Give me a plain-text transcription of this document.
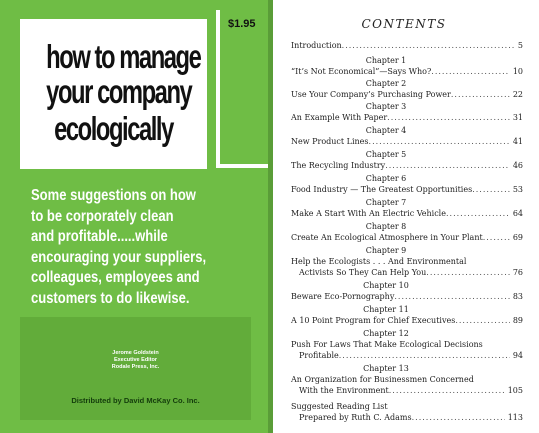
how to manage
your company
ecologically
$1.95
Some suggestions on how
to be corporately clean
and profitable.....while
encouraging your suppliers,
colleagues, employees and
customers to do likewise.
Jerome Goldstein
Executive Editor
Rodale Press, Inc.
Distributed by David McKay Co. Inc.
CONTENTS
Introduction .....	5
Chapter 1
“It’s Not Economical”—Says Who? .....	10
Chapter 2
Use Your Company’s Purchasing Power .....	22
Chapter 3
An Example With Paper .....	31
Chapter 4
New Product Lines .....	41
Chapter 5
The Recycling Industry .....	46
Chapter 6
Food Industry — The Greatest Opportunities .....	53
Chapter 7
Make A Start With An Electric Vehicle .....	64
Chapter 8
Create An Ecological Atmosphere in Your Plant .....	69
Chapter 9
Help the Ecologists . . . And Environmental
Activists So They Can Help You .....	76
Chapter 10
Beware Eco-Pornography .....	83
Chapter 11
A 10 Point Program for Chief Executives .....	89
Chapter 12
Push For Laws That Make Ecological Decisions
Profitable .....	94
Chapter 13
An Organization for Businessmen Concerned
With the Environment .....	105
Suggested Reading List
Prepared by Ruth C. Adams .....	113
